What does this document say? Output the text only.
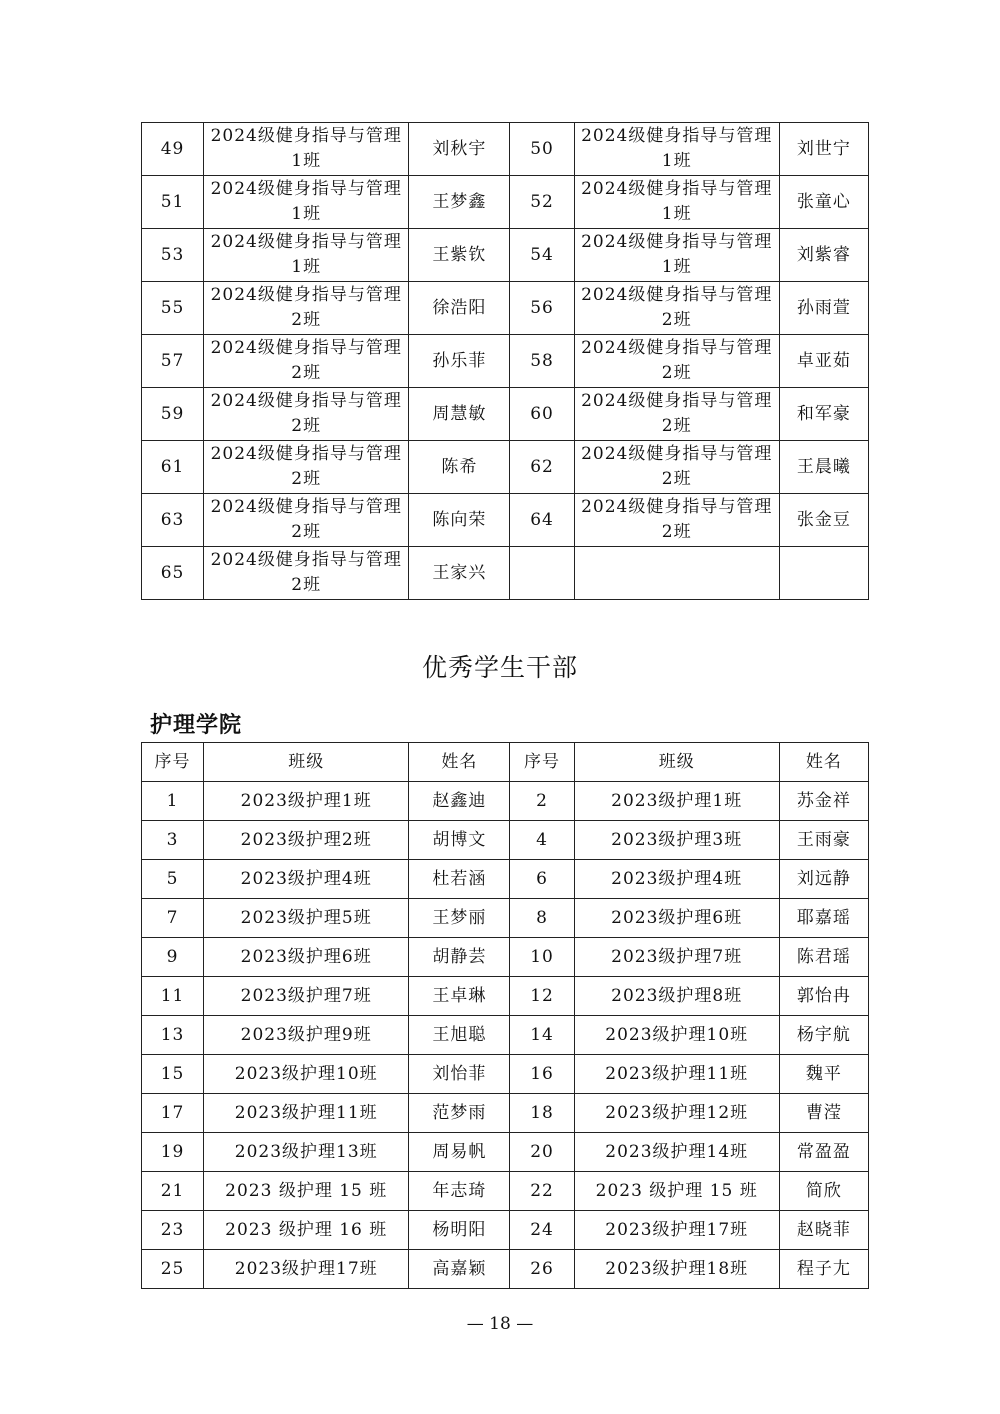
49	2024级健身指导与管理1班	刘秋宇	50	2024级健身指导与管理1班	刘世宁
51	2024级健身指导与管理1班	王梦鑫	52	2024级健身指导与管理1班	张童心
53	2024级健身指导与管理1班	王紫钦	54	2024级健身指导与管理1班	刘紫睿
55	2024级健身指导与管理2班	徐浩阳	56	2024级健身指导与管理2班	孙雨萱
57	2024级健身指导与管理2班	孙乐菲	58	2024级健身指导与管理2班	卓亚茹
59	2024级健身指导与管理2班	周慧敏	60	2024级健身指导与管理2班	和军豪
61	2024级健身指导与管理2班	陈希	62	2024级健身指导与管理2班	王晨曦
63	2024级健身指导与管理2班	陈向荣	64	2024级健身指导与管理2班	张金豆
65	2024级健身指导与管理2班	王家兴			
优秀学生干部
护理学院
序号	班级	姓名	序号	班级	姓名
1	2023级护理1班	赵鑫迪	2	2023级护理1班	苏金祥
3	2023级护理2班	胡博文	4	2023级护理3班	王雨豪
5	2023级护理4班	杜若涵	6	2023级护理4班	刘远静
7	2023级护理5班	王梦丽	8	2023级护理6班	耶嘉瑶
9	2023级护理6班	胡静芸	10	2023级护理7班	陈君瑶
11	2023级护理7班	王卓琳	12	2023级护理8班	郭怡冉
13	2023级护理9班	王旭聪	14	2023级护理10班	杨宇航
15	2023级护理10班	刘怡菲	16	2023级护理11班	魏平
17	2023级护理11班	范梦雨	18	2023级护理12班	曹滢
19	2023级护理13班	周易帆	20	2023级护理14班	常盈盈
21	2023 级护理 15 班	年志琦	22	2023 级护理 15 班	简欣
23	2023 级护理 16 班	杨明阳	24	2023级护理17班	赵晓菲
25	2023级护理17班	高嘉颖	26	2023级护理18班	程子尢
— 18 —
